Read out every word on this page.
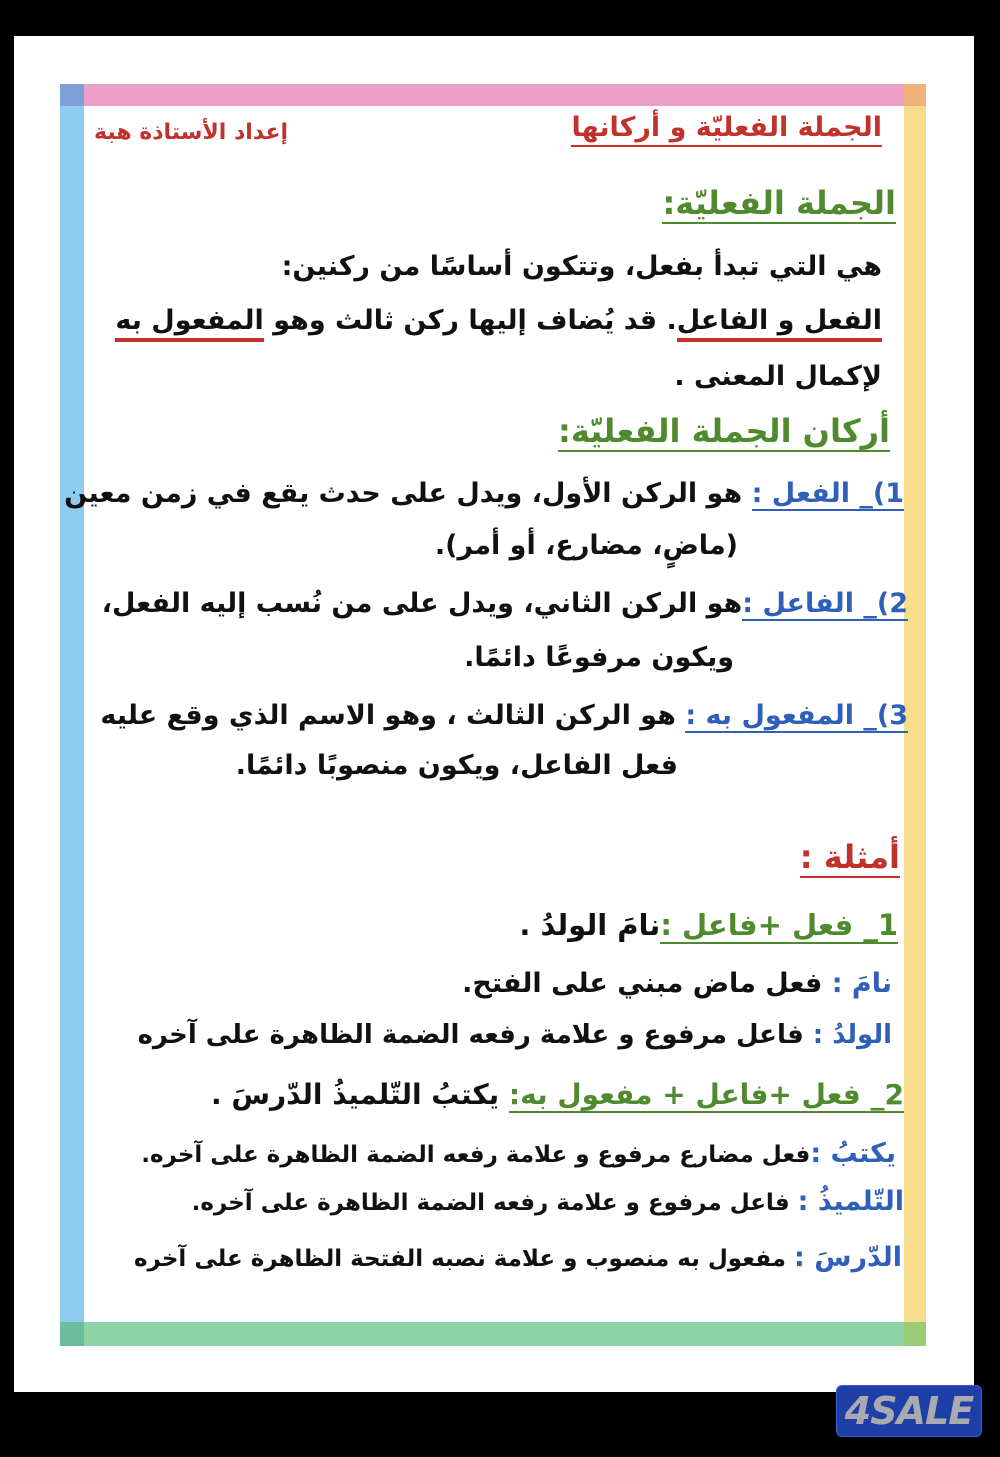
الجملة الفعليّة و أركانها
إعداد الأستاذة هبة
الجملة الفعليّة:
هي التي تبدأ بفعل، وتتكون أساسًا من ركنين:
الفعل و الفاعل. قد يُضاف إليها ركن ثالث وهو المفعول به
لإكمال المعنى .
أركان الجملة الفعليّة:
1)_ الفعل : هو الركن الأول، ويدل على حدث يقع في زمن معين
(ماضٍ، مضارع، أو أمر).
2)_ الفاعل :هو الركن الثاني، ويدل على من نُسب إليه الفعل،
ويكون مرفوعًا دائمًا.
3)_ المفعول به : هو الركن الثالث ، وهو الاسم الذي وقع عليه
فعل الفاعل، ويكون منصوبًا دائمًا.
أمثلة :
1_ فعل +فاعل :نامَ الولدُ .
نامَ : فعل ماض مبني على الفتح.
الولدُ : فاعل مرفوع و علامة رفعه الضمة الظاهرة على آخره
2_ فعل +فاعل + مفعول به: يكتبُ التّلميذُ الدّرسَ .
يكتبُ :فعل مضارع مرفوع و علامة رفعه الضمة الظاهرة على آخره.
التّلميذُ : فاعل مرفوع و علامة رفعه الضمة الظاهرة على آخره.
الدّرسَ : مفعول به منصوب و علامة نصبه الفتحة الظاهرة على آخره
4SALE
